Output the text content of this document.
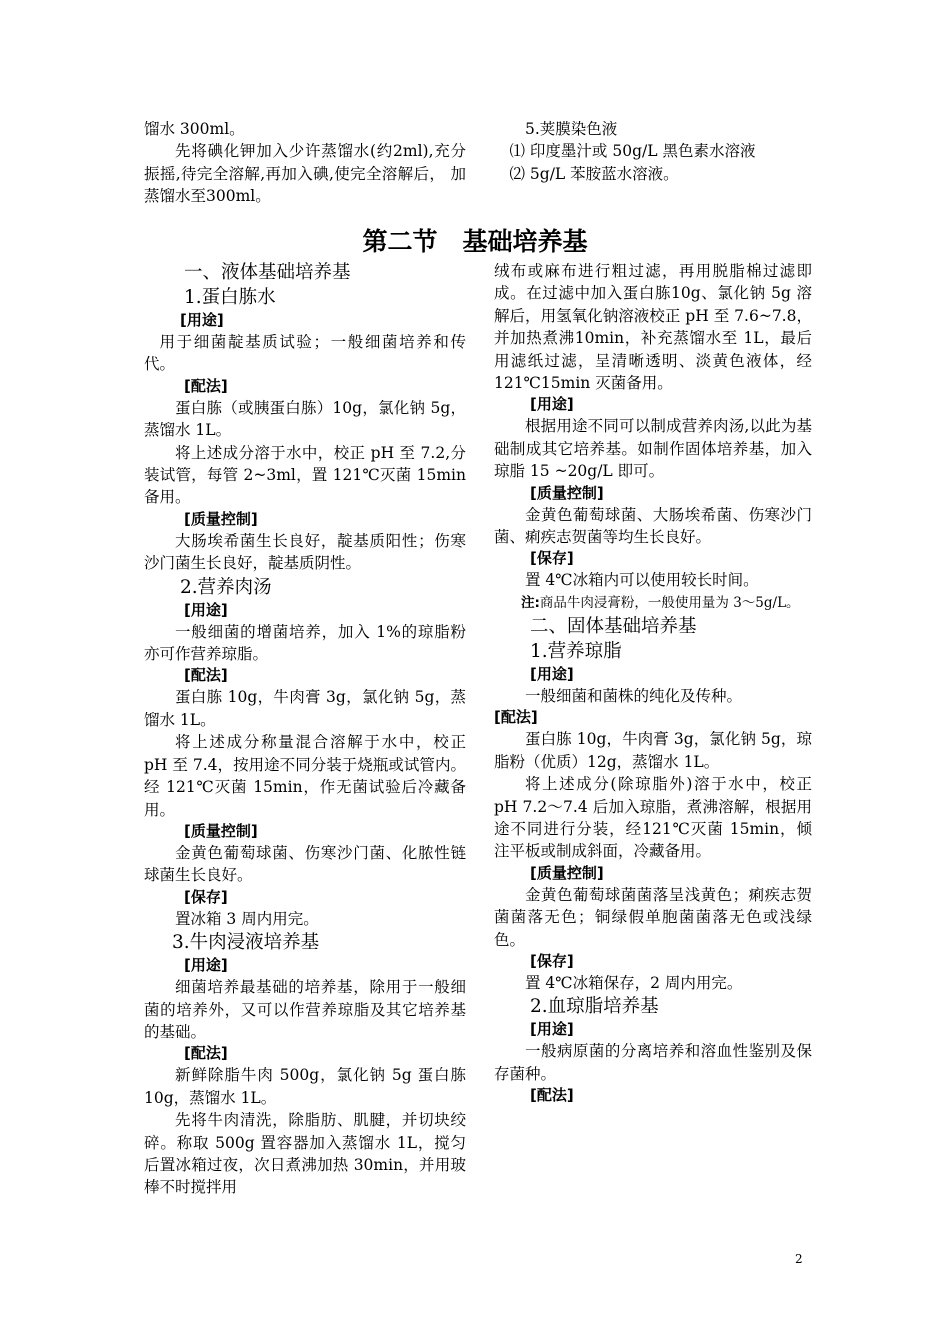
馏水 300ml。

先将碘化钾加入少许蒸馏水(约2ml),充分振摇,待完全溶解,再加入碘,使完全溶解后， 加蒸馏水至300ml。

5.荚膜染色液

⑴ 印度墨汁或 50g/L 黑色素水溶液

⑵ 5g/L 苯胺蓝水溶液。

第二节　基础培养基

一、液体基础培养基

1.蛋白胨水

[用途]

用于细菌靛基质试验；一般细菌培养和传代。

[配法]

蛋白胨（或胰蛋白胨）10g，氯化钠 5g，蒸馏水 1L。

将上述成分溶于水中，校正 pH 至 7.2,分装试管，每管 2~3ml，置 121℃灭菌 15min 备用。

[质量控制]

大肠埃希菌生长良好，靛基质阳性；伤寒沙门菌生长良好，靛基质阴性。

2.营养肉汤

[用途]

一般细菌的增菌培养，加入 1%的琼脂粉亦可作营养琼脂。

[配法]

蛋白胨 10g，牛肉膏 3g，氯化钠 5g，蒸馏水 1L。

将上述成分称量混合溶解于水中，校正 pH 至 7.4，按用途不同分装于烧瓶或试管内。经 121℃灭菌 15min，作无菌试验后冷藏备用。

[质量控制]

金黄色葡萄球菌、伤寒沙门菌、化脓性链球菌生长良好。

[保存]

置冰箱 3 周内用完。

3.牛肉浸液培养基

[用途]

细菌培养最基础的培养基，除用于一般细菌的培养外，又可以作营养琼脂及其它培养基的基础。

[配法]

新鲜除脂牛肉 500g，氯化钠 5g 蛋白胨 10g，蒸馏水 1L。

先将牛肉清洗，除脂肪、肌腱，并切块绞碎。称取 500g 置容器加入蒸馏水 1L，搅匀后置冰箱过夜，次日煮沸加热 30min，并用玻棒不时搅拌用

绒布或麻布进行粗过滤，再用脱脂棉过滤即成。在过滤中加入蛋白胨10g、氯化钠 5g 溶解后，用氢氧化钠溶液校正 pH 至 7.6~7.8，并加热煮沸10min，补充蒸馏水至 1L，最后用滤纸过滤，呈清晰透明、淡黄色液体，经 121℃15min 灭菌备用。

[用途]

根据用途不同可以制成营养肉汤,以此为基础制成其它培养基。如制作固体培养基，加入琼脂 15 ~20g/L 即可。

[质量控制]

金黄色葡萄球菌、大肠埃希菌、伤寒沙门菌、痢疾志贺菌等均生长良好。

[保存]

置 4℃冰箱内可以使用较长时间。

注:商品牛肉浸膏粉，一般使用量为 3～5g/L。

二、固体基础培养基

1.营养琼脂

[用途]

一般细菌和菌株的纯化及传种。

[配法]

蛋白胨 10g，牛肉膏 3g，氯化钠 5g，琼脂粉（优质）12g，蒸馏水 1L。

将上述成分(除琼脂外)溶于水中，校正 pH 7.2～7.4 后加入琼脂，煮沸溶解，根据用途不同进行分装，经121℃灭菌 15min，倾注平板或制成斜面，冷藏备用。

[质量控制]

金黄色葡萄球菌菌落呈浅黄色；痢疾志贺菌菌落无色；铜绿假单胞菌菌落无色或浅绿色。

[保存]

置 4℃冰箱保存，2 周内用完。

2.血琼脂培养基

[用途]

一般病原菌的分离培养和溶血性鉴别及保存菌种。

[配法]

2
